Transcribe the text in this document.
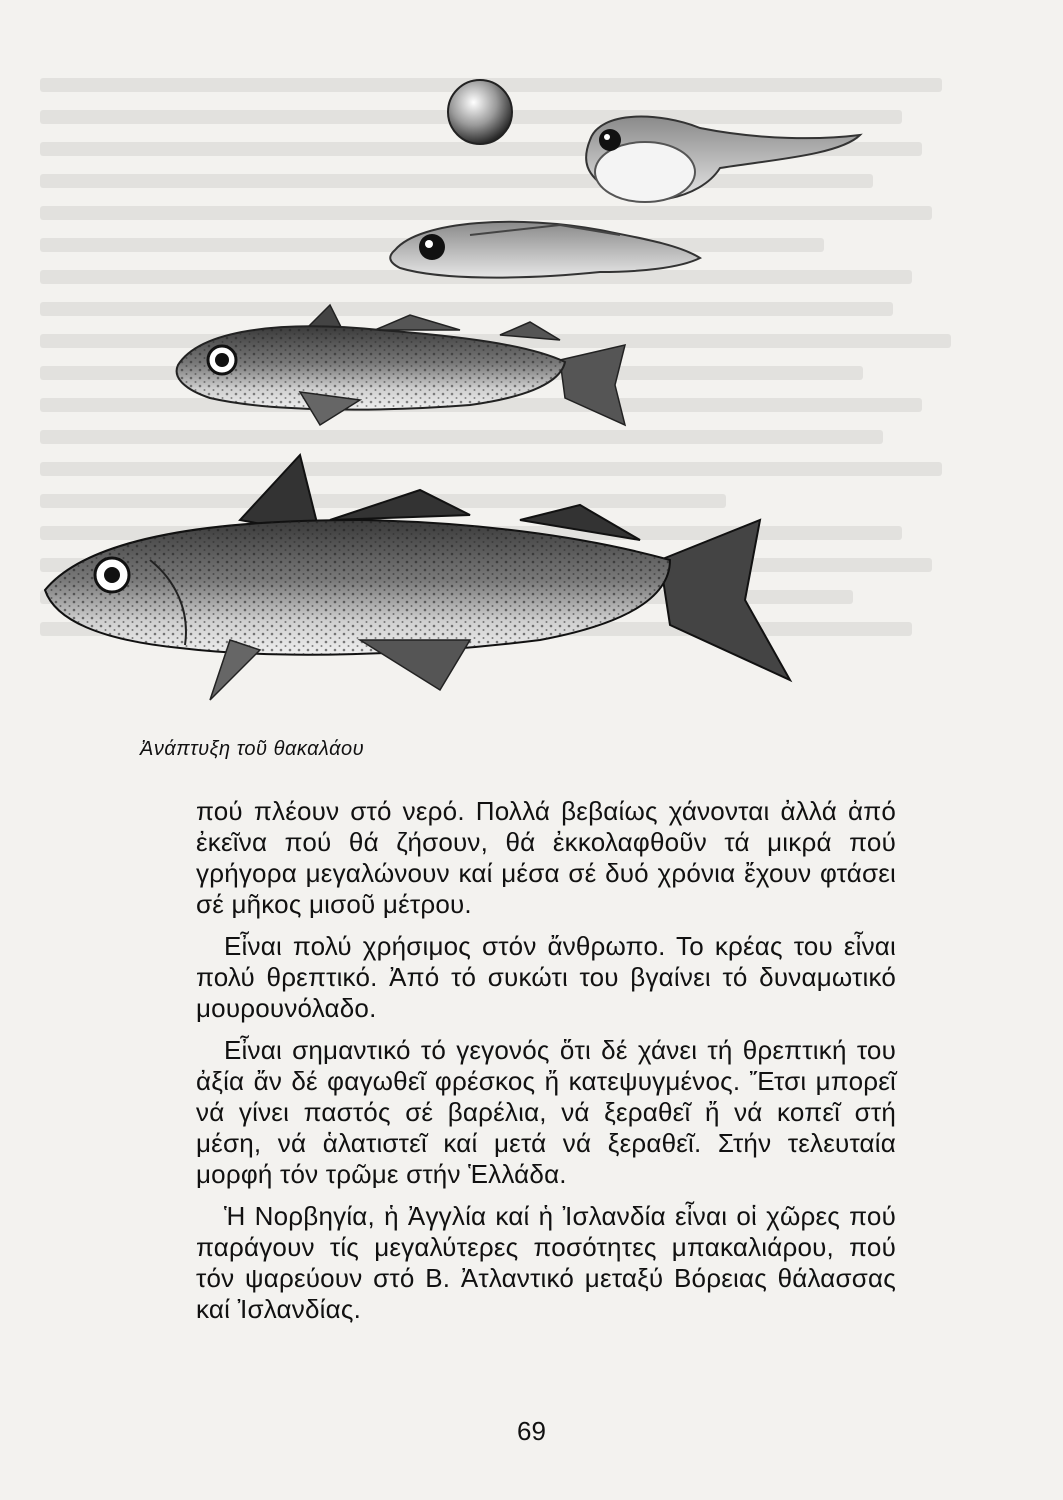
Ἀνάπτυξη τοῦ θακαλάου

πού πλέουν στό νερό. Πολλά βεβαίως χάνονται ἀλλά ἀπό ἐκεῖνα πού θά ζήσουν, θά ἐκκολαφθοῦν τά μικρά πού γρήγορα μεγαλώνουν καί μέσα σέ δυό χρόνια ἔχουν φτάσει σέ μῆκος μισοῦ μέτρου.

Εἶναι πολύ χρήσιμος στόν ἄνθρωπο. Το κρέας του εἶναι πολύ θρεπτικό. Ἀπό τό συκώτι του βγαίνει τό δυναμωτικό μουρουνόλαδο.

Εἶναι σημαντικό τό γεγονός ὅτι δέ χάνει τή θρεπτική του ἀξία ἄν δέ φαγωθεῖ φρέσκος ἤ κατεψυγμένος. Ἔτσι μπορεῖ νά γίνει παστός σέ βαρέλια, νά ξεραθεῖ ἤ νά κοπεῖ στή μέση, νά ἁλατιστεῖ καί μετά νά ξεραθεῖ. Στήν τελευταία μορφή τόν τρῶμε στήν Ἑλλάδα.

Ἡ Νορβηγία, ἡ Ἀγγλία καί ἡ Ἰσλανδία εἶναι οἱ χῶρες πού παράγουν τίς μεγαλύτερες ποσότητες μπακαλιάρου, πού τόν ψαρεύουν στό Β. Ἀτλαντικό μεταξύ Βόρειας θάλασσας καί Ἰσλανδίας.

69
